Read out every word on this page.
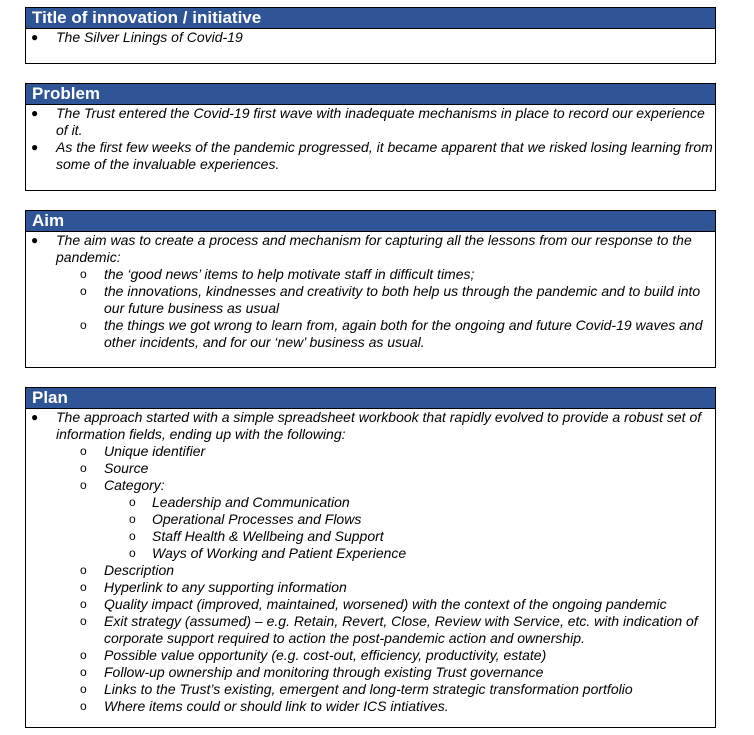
Title of innovation / initiative
● The Silver Linings of Covid-19
Problem
● The Trust entered the Covid-19 first wave with inadequate mechanisms in place to record our experience of it.
● As the first few weeks of the pandemic progressed, it became apparent that we risked losing learning from some of the invaluable experiences.
Aim
● The aim was to create a process and mechanism for capturing all the lessons from our response to the pandemic:
o the ‘good news’ items to help motivate staff in difficult times;
o the innovations, kindnesses and creativity to both help us through the pandemic and to build into our future business as usual
o the things we got wrong to learn from, again both for the ongoing and future Covid-19 waves and other incidents, and for our ‘new’ business as usual.
Plan
● The approach started with a simple spreadsheet workbook that rapidly evolved to provide a robust set of information fields, ending up with the following:
o Unique identifier
o Source
o Category:
o Leadership and Communication
o Operational Processes and Flows
o Staff Health & Wellbeing and Support
o Ways of Working and Patient Experience
o Description
o Hyperlink to any supporting information
o Quality impact (improved, maintained, worsened) with the context of the ongoing pandemic
o Exit strategy (assumed) – e.g. Retain, Revert, Close, Review with Service, etc. with indication of corporate support required to action the post-pandemic action and ownership.
o Possible value opportunity (e.g. cost-out, efficiency, productivity, estate)
o Follow-up ownership and monitoring through existing Trust governance
o Links to the Trust’s existing, emergent and long-term strategic transformation portfolio
o Where items could or should link to wider ICS intiatives.
